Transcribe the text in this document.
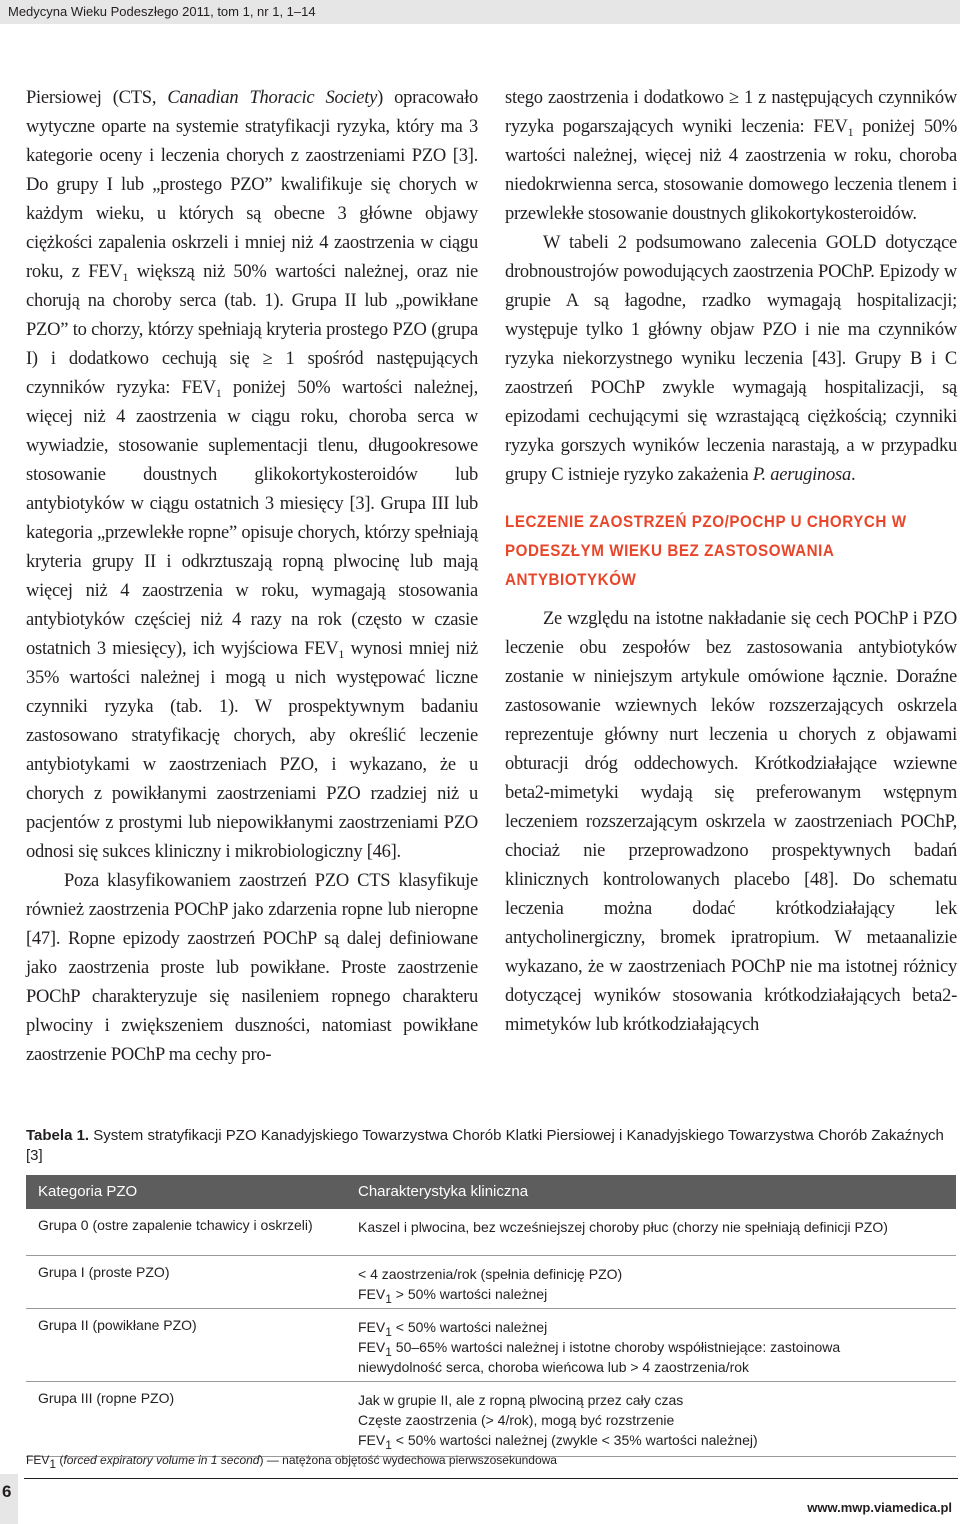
Medycyna Wieku Podeszłego 2011, tom 1, nr 1, 1–14

Piersiowej (CTS, Canadian Thoracic Society) opracowało wytyczne oparte na systemie stratyfikacji ryzyka, który ma 3 kategorie oceny i leczenia chorych z zaostrzeniami PZO [3]. Do grupy I lub „prostego PZO” kwalifikuje się chorych w każdym wieku, u których są obecne 3 główne objawy ciężkości zapalenia oskrzeli i mniej niż 4 zaostrzenia w ciągu roku, z $FEV_1$ większą niż 50% wartości należnej, oraz nie chorują na choroby serca (tab. 1). Grupa II lub „powikłane PZO” to chorzy, którzy spełniają kryteria prostego PZO (grupa I) i dodatkowo cechują się ≥ 1 spośród następujących czynników ryzyka: $FEV_1$ poniżej 50% wartości należnej, więcej niż 4 zaostrzenia w ciągu roku, choroba serca w wywiadzie, stosowanie suplementacji tlenu, długookresowe stosowanie doustnych glikokortykosteroidów lub antybiotyków w ciągu ostatnich 3 miesięcy [3]. Grupa III lub kategoria „przewlekłe ropne” opisuje chorych, którzy spełniają kryteria grupy II i odkrztuszają ropną plwocinę lub mają więcej niż 4 zaostrzenia w roku, wymagają stosowania antybiotyków częściej niż 4 razy na rok (często w czasie ostatnich 3 miesięcy), ich wyjściowa $FEV_1$ wynosi mniej niż 35% wartości należnej i mogą u nich występować liczne czynniki ryzyka (tab. 1). W prospektywnym badaniu zastosowano stratyfikację chorych, aby określić leczenie antybiotykami w zaostrzeniach PZO, i wykazano, że u chorych z powikłanymi zaostrzeniami PZO rzadziej niż u pacjentów z prostymi lub niepowikłanymi zaostrzeniami PZO odnosi się sukces kliniczny i mikrobiologiczny [46].

Poza klasyfikowaniem zaostrzeń PZO CTS klasyfikuje również zaostrzenia POChP jako zdarzenia ropne lub nieropne [47]. Ropne epizody zaostrzeń POChP są dalej definiowane jako zaostrzenia proste lub powikłane. Proste zaostrzenie POChP charakteryzuje się nasileniem ropnego charakteru plwociny i zwiększeniem duszności, natomiast powikłane zaostrzenie POChP ma cechy pro-

stego zaostrzenia i dodatkowo ≥ 1 z następujących czynników ryzyka pogarszających wyniki leczenia: $FEV_1$ poniżej 50% wartości należnej, więcej niż 4 zaostrzenia w roku, choroba niedokrwienna serca, stosowanie domowego leczenia tlenem i przewlekłe stosowanie doustnych glikokortykosteroidów.

W tabeli 2 podsumowano zalecenia GOLD dotyczące drobnoustrojów powodujących zaostrzenia POChP. Epizody w grupie A są łagodne, rzadko wymagają hospitalizacji; występuje tylko 1 główny objaw PZO i nie ma czynników ryzyka niekorzystnego wyniku leczenia [43]. Grupy B i C zaostrzeń POChP zwykle wymagają hospitalizacji, są epizodami cechującymi się wzrastającą ciężkością; czynniki ryzyka gorszych wyników leczenia narastają, a w przypadku grupy C istnieje ryzyko zakażenia P. aeruginosa.

LECZENIE ZAOSTRZEŃ PZO/POCHP U CHORYCH W PODESZŁYM WIEKU BEZ ZASTOSOWANIA ANTYBIOTYKÓW

Ze względu na istotne nakładanie się cech POChP i PZO leczenie obu zespołów bez zastosowania antybiotyków zostanie w niniejszym artykule omówione łącznie. Doraźne zastosowanie wziewnych leków rozszerzających oskrzela reprezentuje główny nurt leczenia u chorych z objawami obturacji dróg oddechowych. Krótkodziałające wziewne beta2-mimetyki wydają się preferowanym wstępnym leczeniem rozszerzającym oskrzela w zaostrzeniach POChP, chociaż nie przeprowadzono prospektywnych badań klinicznych kontrolowanych placebo [48]. Do schematu leczenia można dodać krótkodziałający lek antycholinergiczny, bromek ipratropium. W metaanalizie wykazano, że w zaostrzeniach POChP nie ma istotnej różnicy dotyczącej wyników stosowania krótkodziałających beta2-mimetyków lub krótkodziałających

Tabela 1. System stratyfikacji PZO Kanadyjskiego Towarzystwa Chorób Klatki Piersiowej i Kanadyjskiego Towarzystwa Chorób Zakaźnych [3]
Kategoria PZO	Charakterystyka kliniczna
Grupa 0 (ostre zapalenie tchawicy i oskrzeli)	Kaszel i plwocina, bez wcześniejszej choroby płuc (chorzy nie spełniają definicji PZO)
Grupa I (proste PZO)	< 4 zaostrzenia/rok (spełnia definicję PZO)
$FEV_1 > 50\%$ wartości należnej
Grupa II (powikłane PZO)	$FEV_1 < 50\%$ wartości należnej
$FEV_1$ 50–65% wartości należnej i istotne choroby współistniejące: zastoinowa
niewydolność serca, choroba wieńcowa lub > 4 zaostrzenia/rok
Grupa III (ropne PZO)	Jak w grupie II, ale z ropną plwociną przez cały czas
Częste zaostrzenia (> 4/rok), mogą być rozstrzenie
$FEV_1 < 50\%$ wartości należnej (zwykle < 35% wartości należnej)
$FEV_1$ (forced expiratory volume in 1 second) — natężona objętość wydechowa pierwszosekundowa
6
www.mwp.viamedica.pl
